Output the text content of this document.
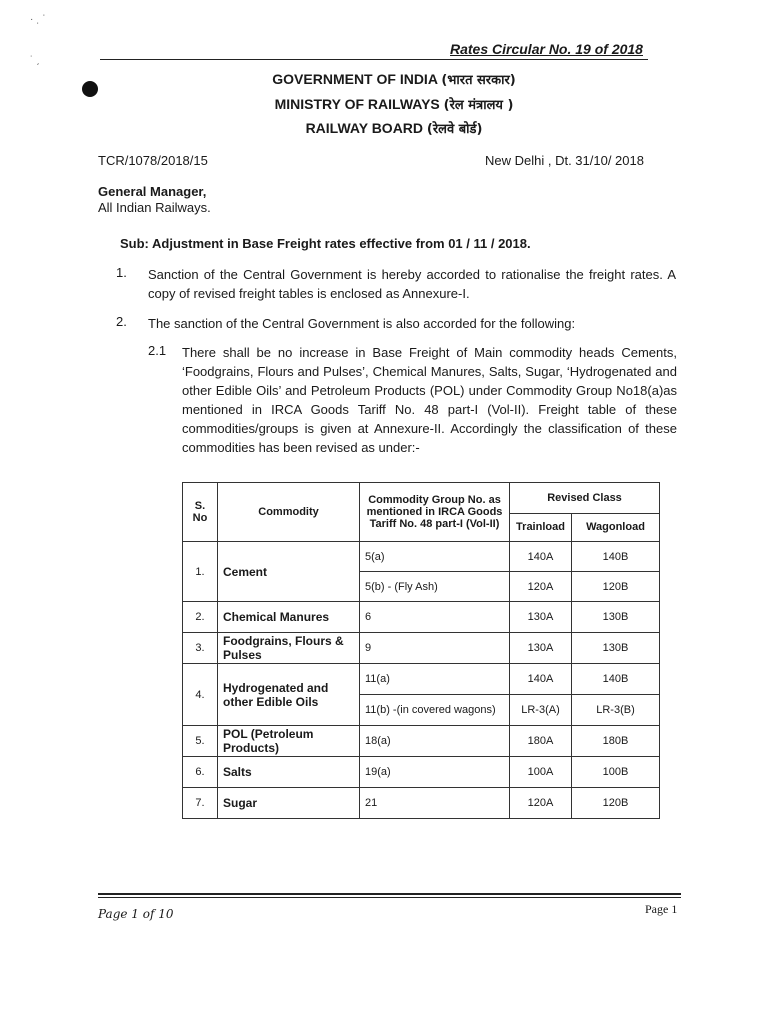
· ˌ ˈ
˙ ˏ
Rates Circular No. 19 of 2018
GOVERNMENT OF INDIA (भारत सरकार)
MINISTRY OF RAILWAYS (रेल मंत्रालय )
RAILWAY BOARD (रेलवे बोर्ड)
TCR/1078/2018/15	New Delhi , Dt. 31/10/ 2018
General Manager,
All Indian Railways.
Sub: Adjustment in Base Freight rates effective from 01 / 11 / 2018.
1. Sanction of the Central Government is hereby accorded to rationalise the freight rates. A copy of revised freight tables is enclosed as Annexure-I.
2. The sanction of the Central Government is also accorded for the following:
2.1 There shall be no increase in Base Freight of Main commodity heads Cements, ‘Foodgrains, Flours and Pulses’, Chemical Manures, Salts, Sugar, ‘Hydrogenated and other Edible Oils’ and Petroleum Products (POL) under Commodity Group No18(a)as mentioned in IRCA Goods Tariff No. 48 part-I (Vol-II). Freight table of these commodities/groups is given at Annexure-II. Accordingly the classification of these commodities has been revised as under:-
S. No	Commodity	Commodity Group No. as mentioned in IRCA Goods Tariff No. 48 part-I (Vol-II)	Revised Class	
			Trainload	Wagonload
1.	Cement	5(a)	140A	140B
		5(b) - (Fly Ash)	120A	120B
2.	Chemical Manures	6	130A	130B
3.	Foodgrains, Flours & Pulses	9	130A	130B
4.	Hydrogenated and other Edible Oils	11(a)	140A	140B
		11(b) -(in covered wagons)	LR-3(A)	LR-3(B)
5.	POL (Petroleum Products)	18(a)	180A	180B
6.	Salts	19(a)	100A	100B
7.	Sugar	21	120A	120B
Page 1 of 10	Page 1
